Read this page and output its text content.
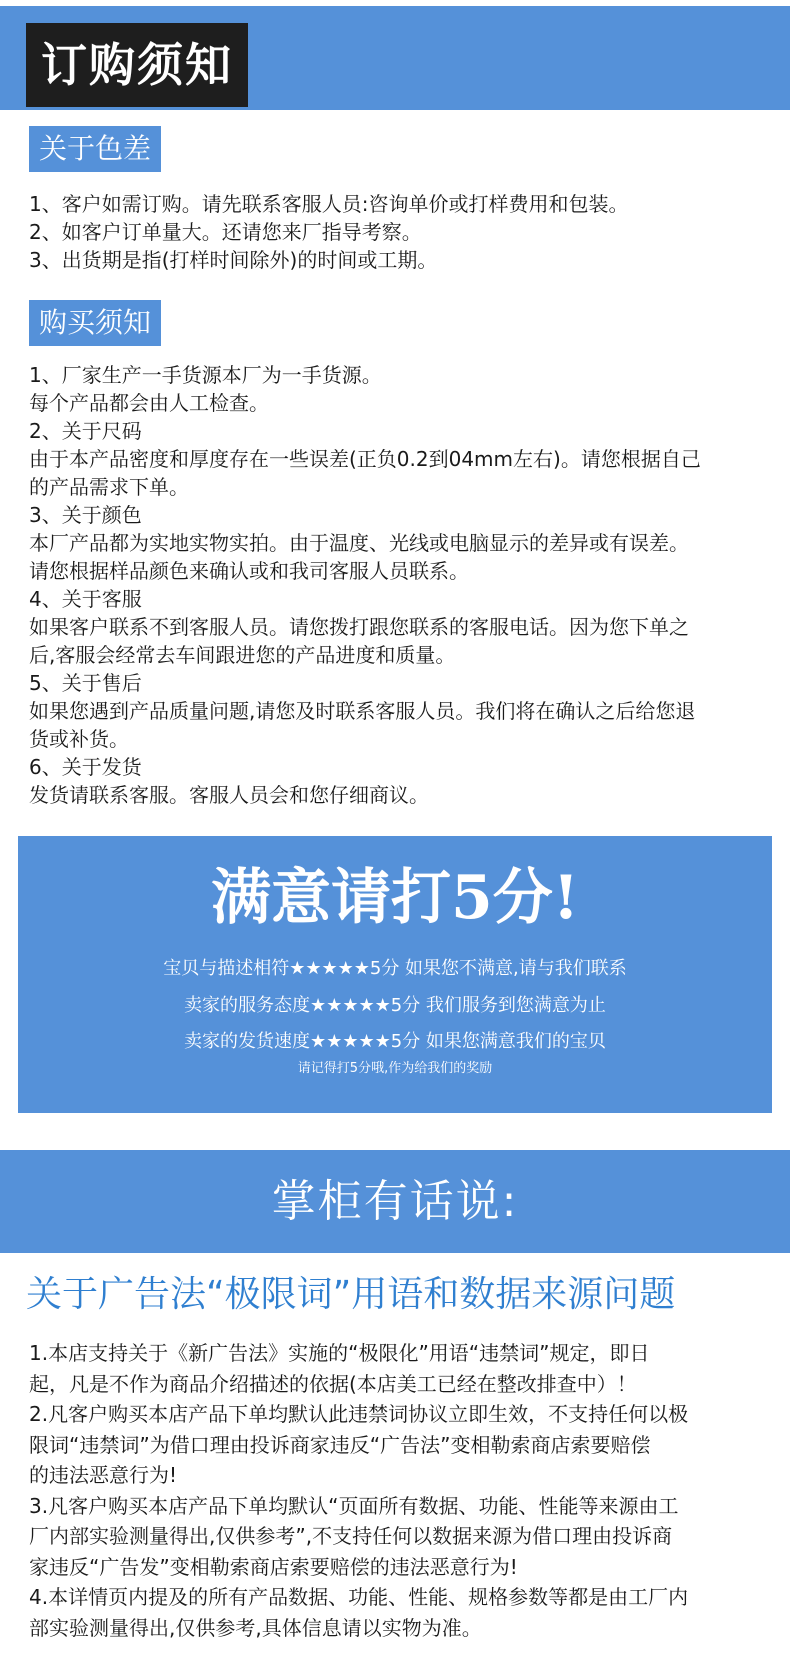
订购须知
关于色差
1、客户如需订购。请先联系客服人员:咨询单价或打样费用和包装。
2、如客户订单量大。还请您来厂指导考察。
3、出货期是指(打样时间除外)的时间或工期。
购买须知
1、厂家生产一手货源本厂为一手货源。
每个产品都会由人工检查。
2、关于尺码
由于本产品密度和厚度存在一些误差(正负0.2到04mm左右)。请您根据自己
的产品需求下单。
3、关于颜色
本厂产品都为实地实物实拍。由于温度、光线或电脑显示的差异或有误差。
请您根据样品颜色来确认或和我司客服人员联系。
4、关于客服
如果客户联系不到客服人员。请您拨打跟您联系的客服电话。因为您下单之
后,客服会经常去车间跟进您的产品进度和质量。
5、关于售后
如果您遇到产品质量问题,请您及时联系客服人员。我们将在确认之后给您退
货或补货。
6、关于发货
发货请联系客服。客服人员会和您仔细商议。
满意请打5分!
宝贝与描述相符★★★★★5分 如果您不满意,请与我们联系
卖家的服务态度★★★★★5分 我们服务到您满意为止
卖家的发货速度★★★★★5分 如果您满意我们的宝贝
请记得打5分哦,作为给我们的奖励
掌柜有话说:
关于广告法“极限词”用语和数据来源问题
1.本店支持关于《新广告法》实施的“极限化”用语“违禁词”规定，即日
起，凡是不作为商品介绍描述的依据(本店美工已经在整改排查中）！
2.凡客户购买本店产品下单均默认此违禁词协议立即生效，不支持任何以极
限词“违禁词”为借口理由投诉商家违反“广告法”变相勒索商店索要赔偿
的违法恶意行为!
3.凡客户购买本店产品下单均默认“页面所有数据、功能、性能等来源由工
厂内部实验测量得出,仅供参考”,不支持任何以数据来源为借口理由投诉商
家违反“广告发”变相勒索商店索要赔偿的违法恶意行为!
4.本详情页内提及的所有产品数据、功能、性能、规格参数等都是由工厂内
部实验测量得出,仅供参考,具体信息请以实物为准。
